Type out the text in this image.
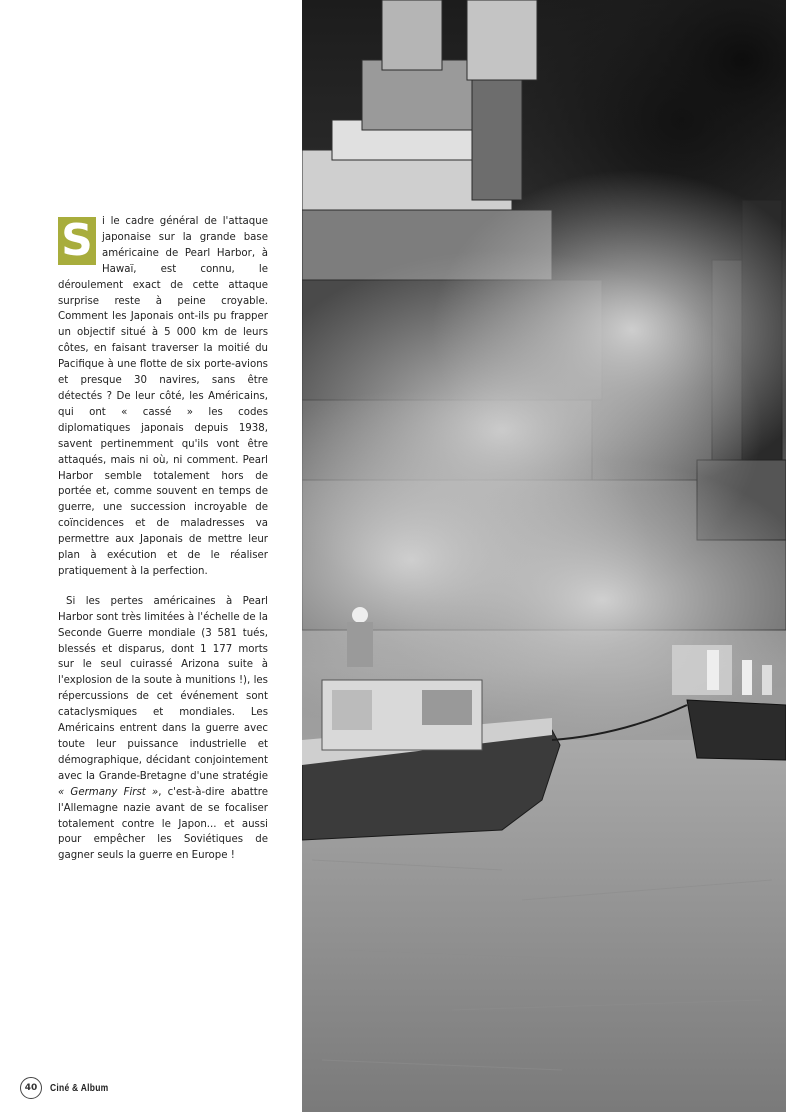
S i le cadre général de l'attaque japonaise sur la grande base américaine de Pearl Harbor, à Hawaï, est connu, le déroulement exact de cette attaque surprise reste à peine croyable. Comment les Japonais ont-ils pu frapper un objectif situé à 5 000 km de leurs côtes, en faisant traverser la moitié du Pacifique à une flotte de six porte-avions et presque 30 navires, sans être détectés ? De leur côté, les Américains, qui ont « cassé » les codes diplomatiques japonais depuis 1938, savent pertinemment qu'ils vont être attaqués, mais ni où, ni comment. Pearl Harbor semble totalement hors de portée et, comme souvent en temps de guerre, une succession incroyable de coïncidences et de maladresses va permettre aux Japonais de mettre leur plan à exécution et de le réaliser pratiquement à la perfection.

Si les pertes américaines à Pearl Harbor sont très limitées à l'échelle de la Seconde Guerre mondiale (3 581 tués, blessés et disparus, dont 1 177 morts sur le seul cuirassé Arizona suite à l'explosion de la soute à munitions !), les répercussions de cet événement sont cataclysmiques et mondiales. Les Américains entrent dans la guerre avec toute leur puissance industrielle et démographique, décidant conjointement avec la Grande-Bretagne d'une stratégie « Germany First », c'est-à-dire abattre l'Allemagne nazie avant de se focaliser totalement contre le Japon... et aussi pour empêcher les Soviétiques de gagner seuls la guerre en Europe !

40	Ciné & Album
